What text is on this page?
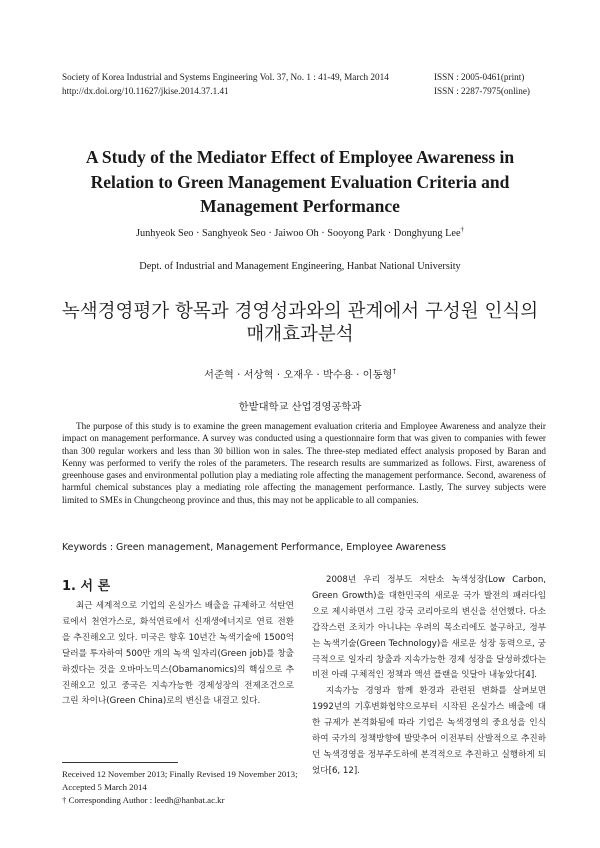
Society of Korea Industrial and Systems Engineering Vol. 37, No. 1 : 41-49, March 2014	ISSN : 2005-0461(print)
http://dx.doi.org/10.11627/jkise.2014.37.1.41	ISSN : 2287-7975(online)
A Study of the Mediator Effect of Employee Awareness in
Relation to Green Management Evaluation Criteria and
Management Performance
Junhyeok Seo · Sanghyeok Seo · Jaiwoo Oh · Sooyong Park · Donghyung Lee†
Dept. of Industrial and Management Engineering, Hanbat National University
녹색경영평가 항목과 경영성과와의 관계에서 구성원 인식의
매개효과분석
서준혁 · 서상혁 · 오재우 · 박수용 · 이동형†
한밭대학교 산업경영공학과

The purpose of this study is to examine the green management evaluation criteria and Employee Awareness and analyze their impact on management performance. A survey was conducted using a questionnaire form that was given to companies with fewer than 300 regular workers and less than 30 billion won in sales. The three-step mediated effect analysis proposed by Baran and Kenny was performed to verify the roles of the parameters. The research results are summarized as follows. First, awareness of greenhouse gases and environmental pollution play a mediating role affecting the management performance. Second, awareness of harmful chemical substances play a mediating role affecting the management performance. Lastly, The survey subjects were limited to SMEs in Chungcheong province and thus, this may not be applicable to all companies.

Keywords : Green management, Management Performance, Employee Awareness
1. 서 론

최근 세계적으로 기업의 온실가스 배출을 규제하고 석탄연료에서 천연가스로, 화석연료에서 신재생에너지로 연료 전환을 추진해오고 있다. 미국은 향후 10년간 녹색기술에 1500억 달러를 투자하여 500만 개의 녹색 일자리(Green job)를 창출하겠다는 것을 오바마노믹스(Obamanomics)의 핵심으로 추진해오고 있고 중국은 지속가능한 경제성장의 전제조건으로 그린 차이나(Green China)로의 변신을 내걸고 있다.

2008년 우리 정부도 저탄소 녹색성장(Low Carbon, Green Growth)을 대한민국의 새로운 국가 발전의 패러다임으로 제시하면서 그린 강국 코리아로의 변신을 선언했다. 다소 갑작스런 조치가 아니냐는 우려의 목소리에도 불구하고, 정부는 녹색기술(Green Technology)을 새로운 성장 동력으로, 궁극적으로 일자리 창출과 지속가능한 경제 성장을 달성하겠다는 비전 아래 구체적인 정책과 액션 플랜을 잇달아 내놓았다[4].

지속가능 경영과 함께 환경과 관련된 변화를 살펴보면 1992년의 기후변화협약으로부터 시작된 온실가스 배출에 대한 규제가 본격화됨에 따라 기업은 녹색경영의 중요성을 인식하여 국가의 정책방향에 발맞추어 이전부터 산발적으로 추진하던 녹색경영을 정부주도하에 본격적으로 추진하고 실행하게 되었다[6, 12].

Received 12 November 2013; Finally Revised 19 November 2013;
Accepted 5 March 2014
† Corresponding Author : leedh@hanbat.ac.kr
